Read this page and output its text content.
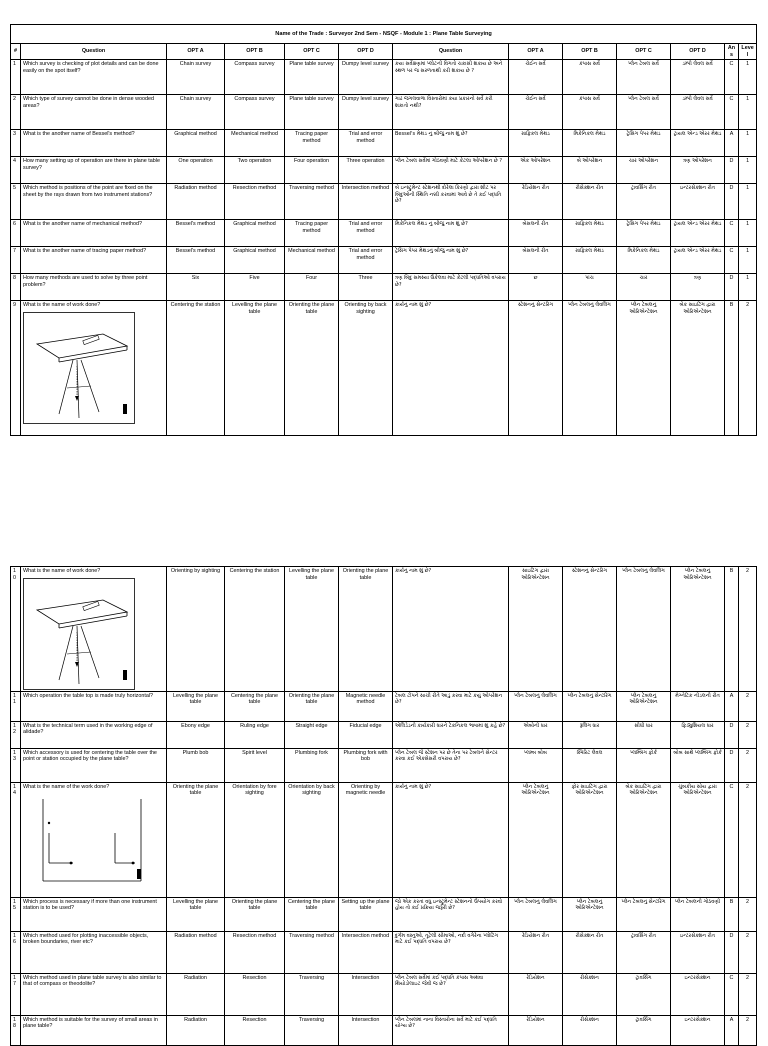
Name of the Trade : Surveyor 2nd Sem - NSQF - Module 1 : Plane Table Surveying												
#	Question	OPT A	OPT B	OPT C	OPT D	Question	OPT A	OPT B	OPT C	OPT D	Ans	Level
1	Which survey is checking of plot details and can be done easily on the spot itself?	Chain survey	Compass survey	Plane table survey	Dumpy level survey	કયા સર્વેક્ષણમાં પ્લોટની વિગતો ચકાસી શકાય છે અને સ્થળ પર જ સરળતાથી કરી શકાય છે ?	ચેઈન સર્વે	કંપાસ સર્વે	પ્લેન ટેબલ સર્વે	ડમ્પી લેવલ સર્વે	C	1
2	Which type of survey cannot be done in dense wooded areas?	Chain survey	Compass survey	Plane table survey	Dumpy level survey	ગાઢ જંગલવાળા વિસ્તારોમાં કયા પ્રકારનો સર્વે કરી શકાતો નથી?	ચેઈન સર્વે	કંપાસ સર્વે	પ્લેન ટેબલ સર્વે	ડમ્પી લેવલ સર્વે	C	1
3	What is the another name of Bessel's method?	Graphical method	Mechanical method	Tracing paper method	Trial and error method	Bessel's મેથડ નું બીજું નામ શું છે?	ગ્રાફિકલ મેથડ	મિકેનિકલ મેથડ	ટ્રેસિંગ પેપર મેથડ	ટ્રાયલ એન્ડ એરર મેથડ	A	1
4	How many setting up of operation are there in plane table survey?	One operation	Two operation	Four operation	Three operation	પ્લેન ટેબલ સર્વેમાં ગોઠવણી માટે કેટલા ઓપરેશન છે ?	એક ઓપરેશન	બે ઓપરેશન	ચાર ઓપરેશન	ત્રણ ઓપરેશન	D	1
5	Which method is positions of the point are fixed on the sheet by the rays drawn from two instrument stations?	Radiation method	Resection method	Traversing method	Intersection method	બે ઇન્સ્ટ્રુમેન્ટ સ્ટેશનથી દોરેલા કિરણો દ્વારા શીટ પર બિંદુઓની સ્થિતિ નક્કી કરવામાં આવે છે તે કઈ પદ્ધતિ છે?	રેડિયેશન રીત	રીસેક્શન રીત	ટ્રાવર્સિંગ રીત	ઇન્ટરસેક્શન રીત	D	1
6	What is the another name of mechanical method?	Bessel's method	Graphical method	Tracing paper method	Trial and error method	મિકેનિકલ મેથડ નું બીજું નામ શું છે?	બેસલની રીત	ગ્રાફિકલ મેથડ	ટ્રેસિંગ પેપર મેથડ	ટ્રાયલ એન્ડ એરર મેથડ	C	1
7	What is the another name of tracing paper method?	Bessel's method	Graphical method	Mechanical method	Trial and error method	ટ્રેસિંગ પેપર મેથડનું બીજું નામ શું છે?	બેસલની રીત	ગ્રાફિકલ મેથડ	મિકેનિકલ મેથડ	ટ્રાયલ એન્ડ એરર મેથડ	C	1
8	How many methods are used to solve by three point problem?	Six	Five	Four	Three	ત્રણ બિંદુ સમસ્યા ઉકેલવા માટે કેટલી પદ્ધતિઓ વપરાય છે?	છ	પાંચ	ચાર	ત્રણ	D	1
9	What is the name of work done?	Centering the station	Levelling the plane table	Orienting the plane table	Orienting by back sighting	કાર્યનું નામ શું છે?	સ્ટેશનનું સેન્ટરિંગ	પ્લેન ટેબલનું લેવલિંગ	પ્લેન ટેબલનું ઓરિએન્ટેશન	બેક સાઇટિંગ દ્વારા ઓરિએન્ટેશન	B	2
10	What is the name of work done?	Orienting by sighting	Centering the station	Levelling the plane table	Orienting the plane table	કાર્યનું નામ શું છે?	સાઇટિંગ દ્વારા ઓરિએન્ટેશન	સ્ટેશનનું સેન્ટરિંગ	પ્લેન ટેબલનું લેવલિંગ	પ્લેન ટેબલનું ઓરિએન્ટેશન	B	2
11	Which operation the table top is made truly horizontal?	Levelling the plane table	Centering the plane table	Orienting the plane table	Magnetic needle method	ટેબલ ટોપને સાચી રીતે આડું કરવા માટે કયું ઓપરેશન છે?	પ્લેન ટેબલનું લેવલિંગ	પ્લેન ટેબલનું સેન્ટરિંગ	પ્લેન ટેબલનું ઓરિએન્ટેશન	મેગ્નેટિક નીડલની રીત	A	2
12	What is the technical term used in the working edge of alidade?	Ebony edge	Ruling edge	Straight edge	Fiducial edge	એલિડેડની કાર્યકારી ધારને ટેકનિકલ ભાષામાં શું કહે છે?	એબોની ધાર	રૂલિંગ ધાર	સીધી ધાર	ફિડ્યુશિયલ ધાર	D	2
13	Which accessory is used for centering the table over the point or station occupied by the plane table?	Plumb bob	Spirit level	Plumbing fork	Plumbing fork with bob	પ્લેન ટેબલ જે સ્ટેશન પર છે તેના પર ટેબલને સેન્ટર કરવા કઈ એક્સેસરી વપરાય છે?	પ્લમ્બ બોબ	સ્પિરિટ લેવલ	પ્લમ્બિંગ ફોર્ક	બોબ સાથે પ્લમ્બિંગ ફોર્ક	D	2
14	What is the name of the work done?	Orienting the plane table	Orientation by fore sighting	Orientation by back sighting	Orienting by magnetic needle	કાર્યનું નામ શું છે?	પ્લેન ટેબલનું ઓરિએન્ટેશન	ફોર સાઇટિંગ દ્વારા ઓરિએન્ટેશન	બેક સાઇટિંગ દ્વારા ઓરિએન્ટેશન	ચુંબકીય સોય દ્વારા ઓરિએન્ટેશન	C	2
15	Which process is necessary if more than one instrument station is to be used?	Levelling the plane table	Orienting the plane table	Centering the plane table	Setting up the plane table	જો એક કરતાં વધુ ઇન્સ્ટ્રુમેન્ટ સ્ટેશનનો ઉપયોગ કરવો હોય તો કઈ પ્રક્રિયા જરૂરી છે?	પ્લેન ટેબલનું લેવલિંગ	પ્લેન ટેબલનું ઓરિએન્ટેશન	પ્લેન ટેબલનું સેન્ટરિંગ	પ્લેન ટેબલની ગોઠવણી	B	2
16	Which method used for plotting inaccessible objects, broken boundaries, river etc?	Radiation method	Resection method	Traversing method	Intersection method	દુર્ગમ વસ્તુઓ, તૂટેલી સીમાઓ, નદી વગેરેના પ્લોટિંગ માટે કઈ પદ્ધતિ વપરાય છે?	રેડિયેશન રીત	રીસેક્શન રીત	ટ્રાવર્સિંગ રીત	ઇન્ટરસેક્શન રીત	D	2
17	Which method used in plane table survey is also similar to that of compass or theodolite?	Radiation	Resection	Traversing	Intersection	પ્લેન ટેબલ સર્વેમાં કઈ પદ્ધતિ કંપાસ અથવા થિયોડોલાઇટ જેવી જ છે?	રેડિયેશન	રીસેક્શન	ટ્રાવર્સિંગ	ઇન્ટરસેક્શન	C	2
18	Which method is suitable for the survey of small areas in plane table?	Radiation	Resection	Traversing	Intersection	પ્લેન ટેબલમાં નાના વિસ્તારોના સર્વે માટે કઈ પદ્ધતિ યોગ્ય છે?	રેડિયેશન	રીસેક્શન	ટ્રાવર્સિંગ	ઇન્ટરસેક્શન	A	2
